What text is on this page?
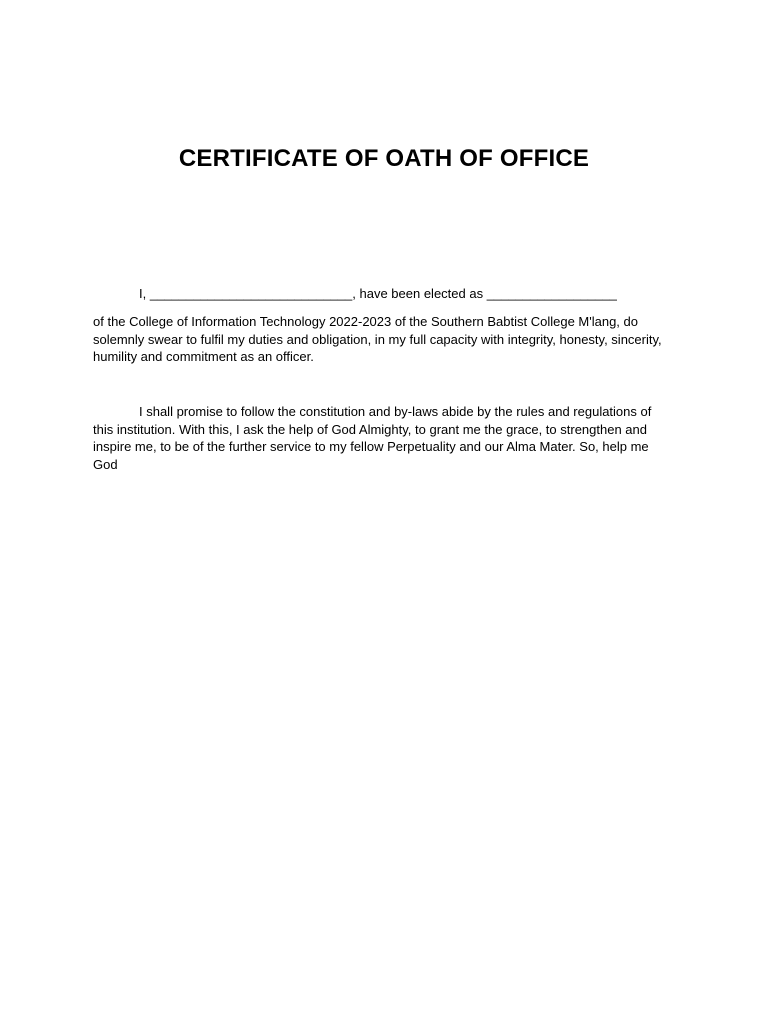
CERTIFICATE OF OATH OF OFFICE

I, ____________________________, have been elected as __________________

of the College of Information Technology 2022-2023 of the Southern Babtist College M'lang, do solemnly swear to fulfil my duties and obligation, in my full capacity with integrity, honesty, sincerity, humility and commitment as an officer.

I shall promise to follow the constitution and by-laws abide by the rules and regulations of this institution. With this, I ask the help of God Almighty, to grant me the grace, to strengthen and inspire me, to be of the further service to my fellow Perpetuality and our Alma Mater. So, help me God
